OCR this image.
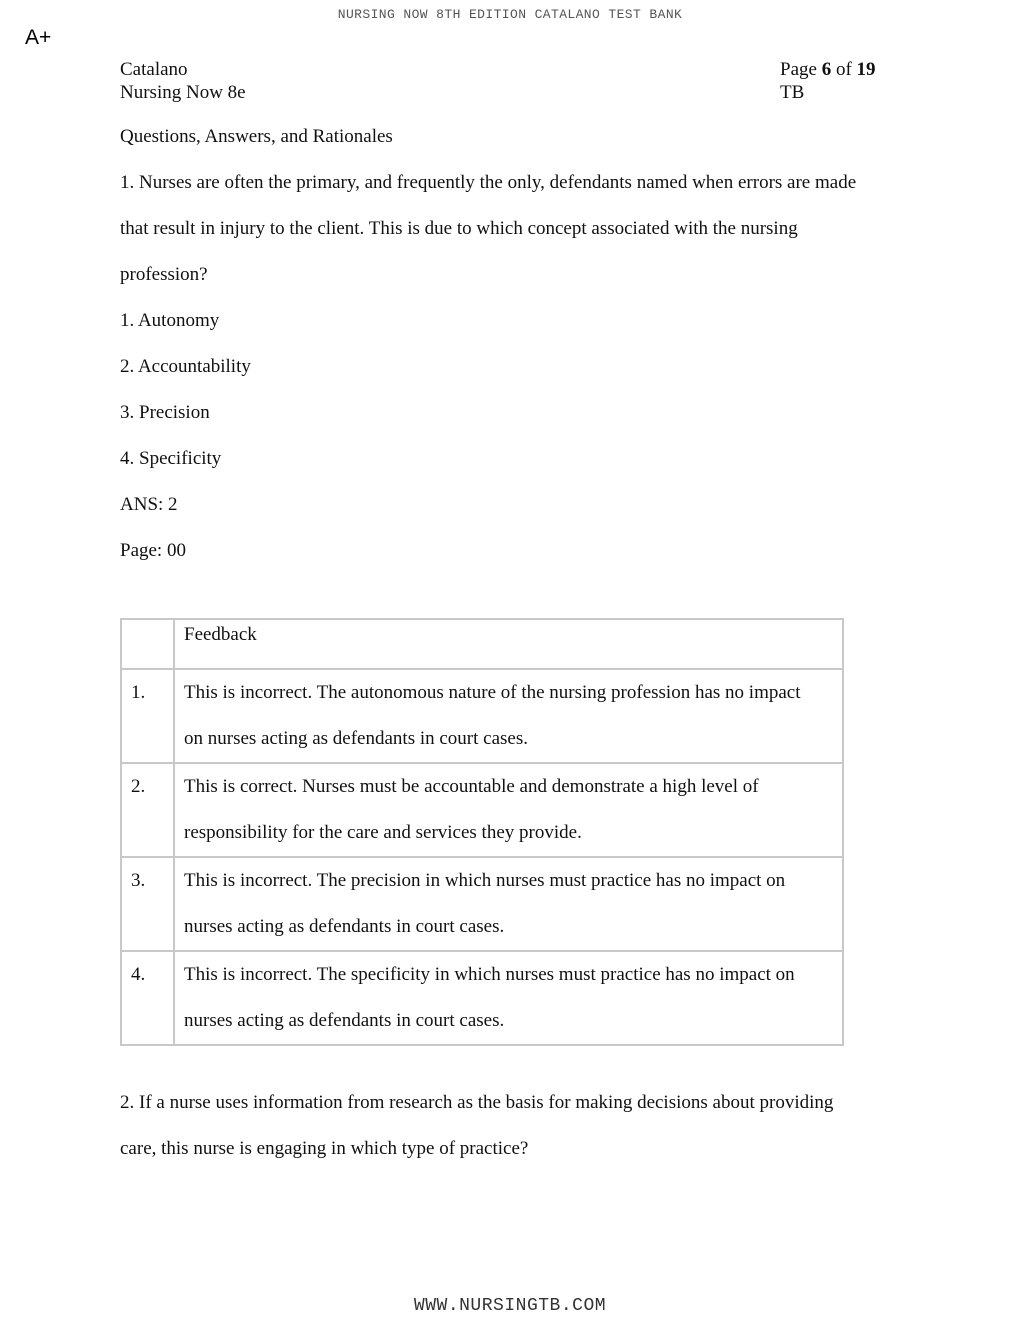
NURSING NOW 8TH EDITION CATALANO TEST BANK
A+
Catalano
Nursing Now 8e
Page 6 of 19
TB

Questions, Answers, and Rationales

1. Nurses are often the primary, and frequently the only, defendants named when errors are made

that result in injury to the client. This is due to which concept associated with the nursing

profession?

1. Autonomy

2. Accountability

3. Precision

4. Specificity

ANS: 2

Page: 00

	Feedback
1.	This is incorrect. The autonomous nature of the nursing profession has no impact
on nurses acting as defendants in court cases.

2.	This is correct. Nurses must be accountable and demonstrate a high level of
responsibility for the care and services they provide.

3.	This is incorrect. The precision in which nurses must practice has no impact on
nurses acting as defendants in court cases.

4.	This is incorrect. The specificity in which nurses must practice has no impact on
nurses acting as defendants in court cases.

2. If a nurse uses information from research as the basis for making decisions about providing

care, this nurse is engaging in which type of practice?

WWW.NURSINGTB.COM
